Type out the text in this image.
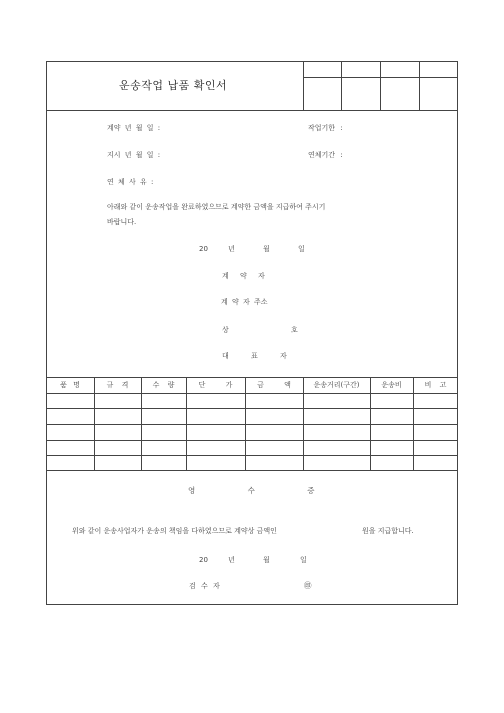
운송작업 납품 확인서
계약 년 월 일 :	작업기한 :
지시 년 월 일 :	연체기간 :
연 체 사 유 :
아래와 같이 운송작업을 완료하였으므로 계약한 금액을 지급하여 주시기
바랍니다.
20	년	월	일
계 약 자
계 약 자 주소
상 호
대 표 자
품 명	규 격	수 량	단 가	금 액	운송거리(구간)	운송비	비 고
영 수 증
위와 같이 운송사업자가 운송의 책임을 다하였으므로 계약상 금액인	원을 지급합니다.
20	년	월	일
검 수 자	㊞
